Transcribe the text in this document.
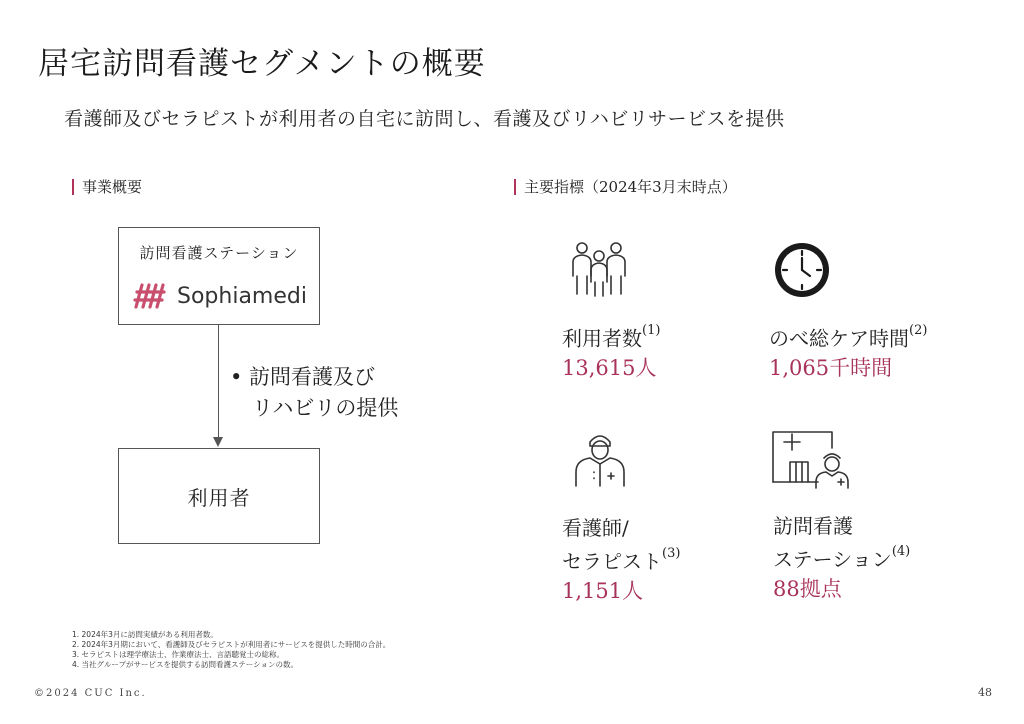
居宅訪問看護セグメントの概要
看護師及びセラピストが利用者の自宅に訪問し、看護及びリハビリサービスを提供
事業概要
訪問看護ステーション
Sophiamedi
• 訪問看護及び
リハビリの提供
利用者
主要指標（2024年3月末時点）
利用者数$^{(1)}$
13,615人
のべ総ケア時間$^{(2)}$
1,065千時間
看護師/
セラピスト$^{(3)}$
1,151人
訪問看護
ステーション$^{(4)}$
88拠点
1. 2024年3月に訪問実績がある利用者数。
2. 2024年3月期において、看護師及びセラピストが利用者にサービスを提供した時間の合計。
3. セラピストは理学療法士、作業療法士、言語聴覚士の総称。
4. 当社グループがサービスを提供する訪問看護ステーションの数。
©2024 CUC Inc.	48
